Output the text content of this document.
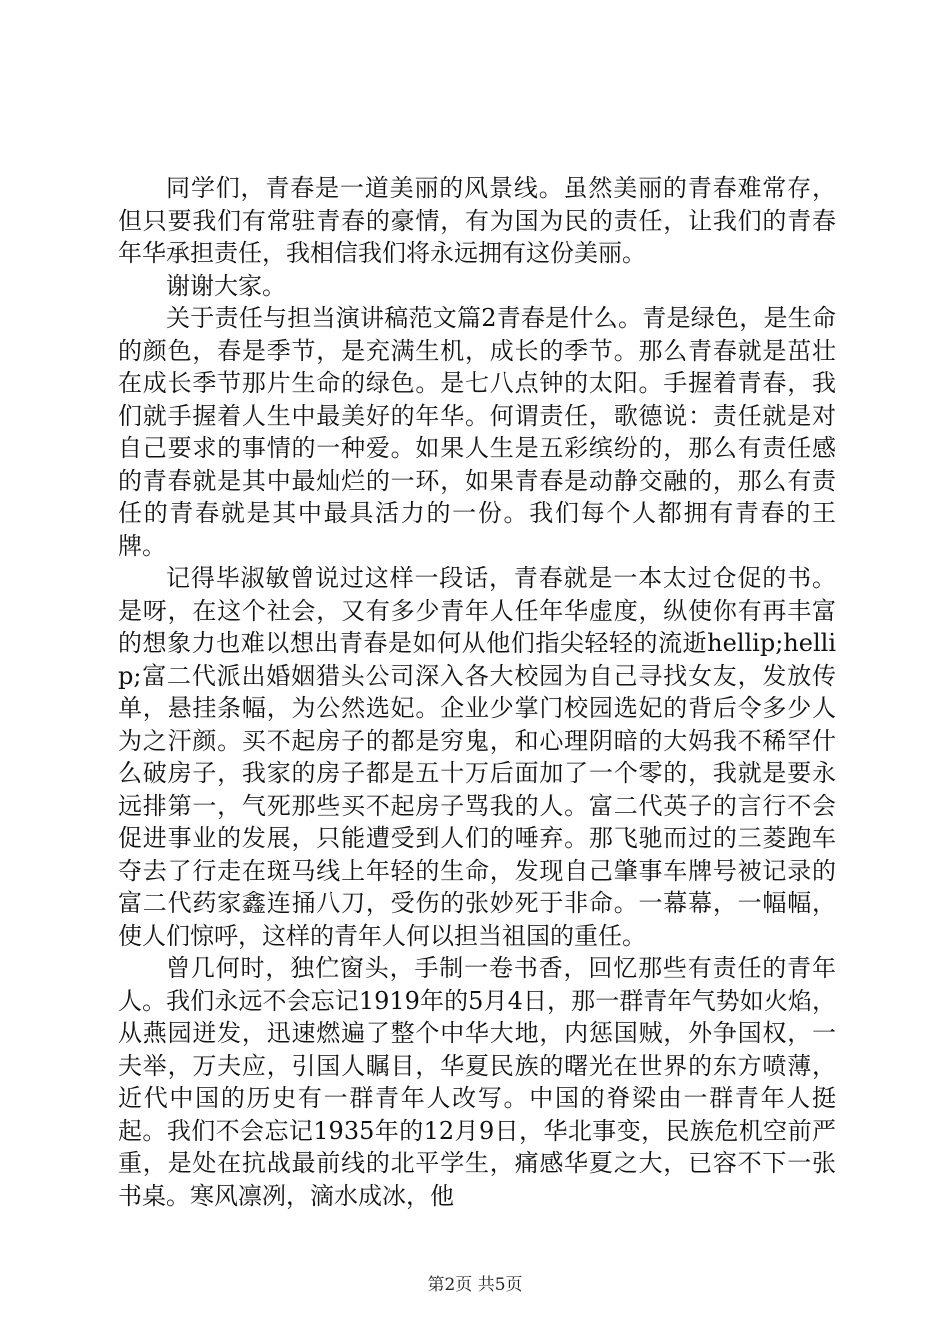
同学们，青春是一道美丽的风景线。虽然美丽的青春难常存，但只要我们有常驻青春的豪情，有为国为民的责任，让我们的青春年华承担责任，我相信我们将永远拥有这份美丽。

谢谢大家。

关于责任与担当演讲稿范文篇2青春是什么。青是绿色，是生命的颜色，春是季节，是充满生机，成长的季节。那么青春就是茁壮在成长季节那片生命的绿色。是七八点钟的太阳。手握着青春，我们就手握着人生中最美好的年华。何谓责任，歌德说：责任就是对自己要求的事情的一种爱。如果人生是五彩缤纷的，那么有责任感的青春就是其中最灿烂的一环，如果青春是动静交融的，那么有责任的青春就是其中最具活力的一份。我们每个人都拥有青春的王牌。

记得毕淑敏曾说过这样一段话，青春就是一本太过仓促的书。是呀，在这个社会，又有多少青年人任年华虚度，纵使你有再丰富的想象力也难以想出青春是如何从他们指尖轻轻的流逝hellip;hellip;富二代派出婚姻猎头公司深入各大校园为自己寻找女友，发放传单，悬挂条幅，为公然选妃。企业少掌门校园选妃的背后令多少人为之汗颜。买不起房子的都是穷鬼，和心理阴暗的大妈我不稀罕什么破房子，我家的房子都是五十万后面加了一个零的，我就是要永远排第一，气死那些买不起房子骂我的人。富二代英子的言行不会促进事业的发展，只能遭受到人们的唾弃。那飞驰而过的三菱跑车夺去了行走在斑马线上年轻的生命，发现自己肇事车牌号被记录的富二代药家鑫连捅八刀，受伤的张妙死于非命。一幕幕，一幅幅，使人们惊呼，这样的青年人何以担当祖国的重任。

曾几何时，独伫窗头，手制一卷书香，回忆那些有责任的青年人。我们永远不会忘记1919年的5月4日，那一群青年气势如火焰，从燕园迸发，迅速燃遍了整个中华大地，内惩国贼，外争国权，一夫举，万夫应，引国人瞩目，华夏民族的曙光在世界的东方喷薄，近代中国的历史有一群青年人改写。中国的脊梁由一群青年人挺起。我们不会忘记1935年的12月9日，华北事变，民族危机空前严重，是处在抗战最前线的北平学生，痛感华夏之大，已容不下一张书桌。寒风凛冽，滴水成冰，他

第2页 共5页
